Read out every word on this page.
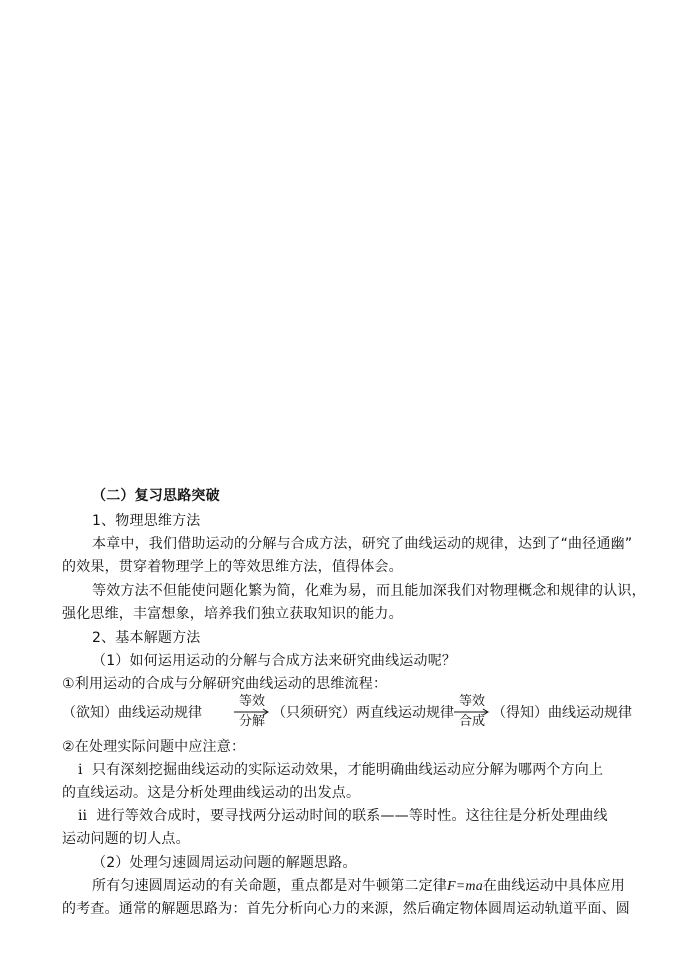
（二）复习思路突破
1、物理思维方法
本章中，我们借助运动的分解与合成方法，研究了曲线运动的规律，达到了“曲径通幽”
的效果，贯穿着物理学上的等效思维方法，值得体会。
等效方法不但能使问题化繁为简，化难为易，而且能加深我们对物理概念和规律的认识，
强化思维，丰富想象，培养我们独立获取知识的能力。
2、基本解题方法
（1）如何运用运动的分解与合成方法来研究曲线运动呢？
①利用运动的合成与分解研究曲线运动的思维流程：
（欲知）曲线运动规律
等效
分解
（只须研究）两直线运动规律
等效
合成
（得知）曲线运动规律
②在处理实际问题中应注意：
ⅰ 只有深刻挖掘曲线运动的实际运动效果，才能明确曲线运动应分解为哪两个方向上
的直线运动。这是分析处理曲线运动的出发点。
ⅱ 进行等效合成时，要寻找两分运动时间的联系——等时性。这往往是分析处理曲线
运动问题的切人点。
（2）处理匀速圆周运动问题的解题思路。
所有匀速圆周运动的有关命题，重点都是对牛顿第二定律F=ma在曲线运动中具体应用
的考查。通常的解题思路为：首先分析向心力的来源，然后确定物体圆周运动轨道平面、圆
